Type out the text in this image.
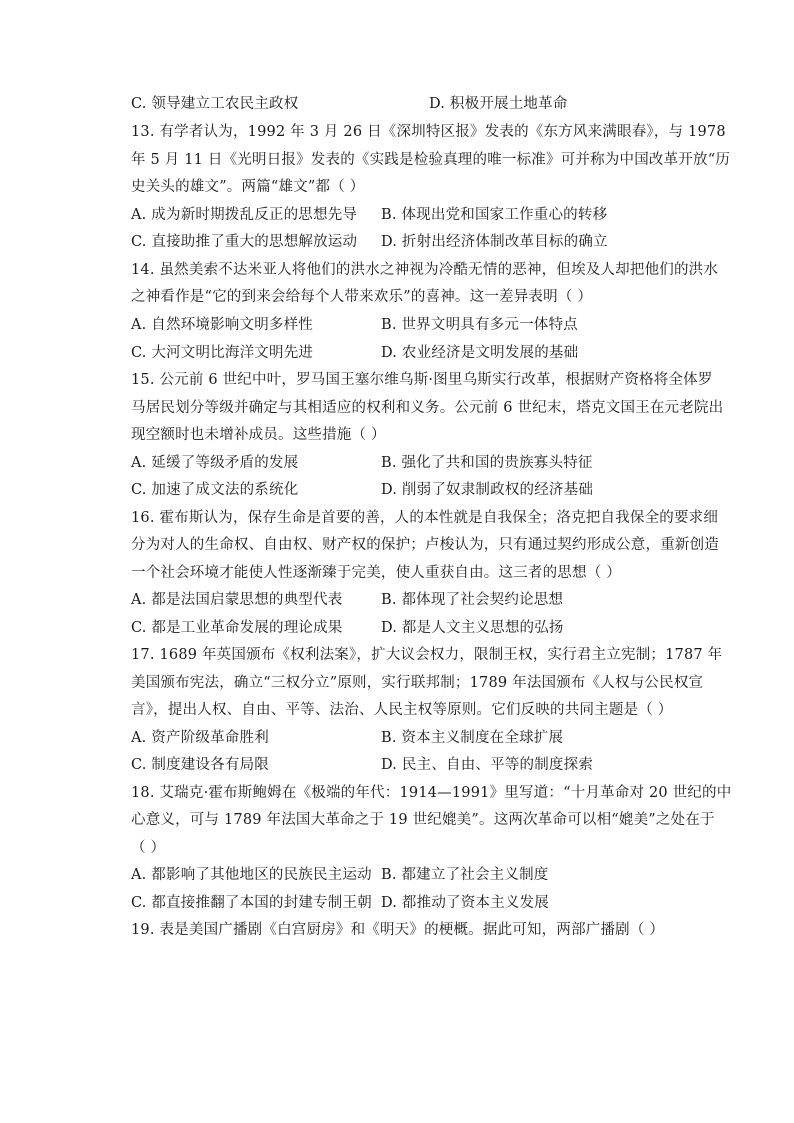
C. 领导建立工农民主政权	D. 积极开展土地革命
13. 有学者认为，1992 年 3 月 26 日《深圳特区报》发表的《东方风来满眼春》，与 1978
年 5 月 11 日《光明日报》发表的《实践是检验真理的唯一标准》可并称为中国改革开放“历
史关头的雄文”。两篇“雄文”都（ ）
A. 成为新时期拨乱反正的思想先导 B. 体现出党和国家工作重心的转移
C. 直接助推了重大的思想解放运动 D. 折射出经济体制改革目标的确立
14. 虽然美索不达米亚人将他们的洪水之神视为冷酷无情的恶神，但埃及人却把他们的洪水
之神看作是“它的到来会给每个人带来欢乐”的喜神。这一差异表明（ ）
A. 自然环境影响文明多样性	B. 世界文明具有多元一体特点
C. 大河文明比海洋文明先进	D. 农业经济是文明发展的基础
15. 公元前 6 世纪中叶，罗马国王塞尔维乌斯·图里乌斯实行改革，根据财产资格将全体罗
马居民划分等级并确定与其相适应的权利和义务。公元前 6 世纪末，塔克文国王在元老院出
现空额时也未增补成员。这些措施（ ）
A. 延缓了等级矛盾的发展	B. 强化了共和国的贵族寡头特征
C. 加速了成文法的系统化	D. 削弱了奴隶制政权的经济基础
16. 霍布斯认为，保存生命是首要的善，人的本性就是自我保全；洛克把自我保全的要求细
分为对人的生命权、自由权、财产权的保护；卢梭认为，只有通过契约形成公意，重新创造
一个社会环境才能使人性逐渐臻于完美，使人重获自由。这三者的思想（ ）
A. 都是法国启蒙思想的典型代表	B. 都体现了社会契约论思想
C. 都是工业革命发展的理论成果	D. 都是人文主义思想的弘扬
17. 1689 年英国颁布《权利法案》，扩大议会权力，限制王权，实行君主立宪制；1787 年
美国颁布宪法，确立“三权分立”原则，实行联邦制；1789 年法国颁布《人权与公民权宣
言》，提出人权、自由、平等、法治、人民主权等原则。它们反映的共同主题是（ ）
A. 资产阶级革命胜利	B. 资本主义制度在全球扩展
C. 制度建设各有局限	D. 民主、自由、平等的制度探索
18. 艾瑞克·霍布斯鲍姆在《极端的年代：1914—1991》里写道：“十月革命对 20 世纪的中
心意义，可与 1789 年法国大革命之于 19 世纪媲美”。这两次革命可以相“媲美”之处在于
（ ）
A. 都影响了其他地区的民族民主运动 B. 都建立了社会主义制度
C. 都直接推翻了本国的封建专制王朝 D. 都推动了资本主义发展
19. 表是美国广播剧《白宫厨房》和《明天》的梗概。据此可知，两部广播剧（ ）
